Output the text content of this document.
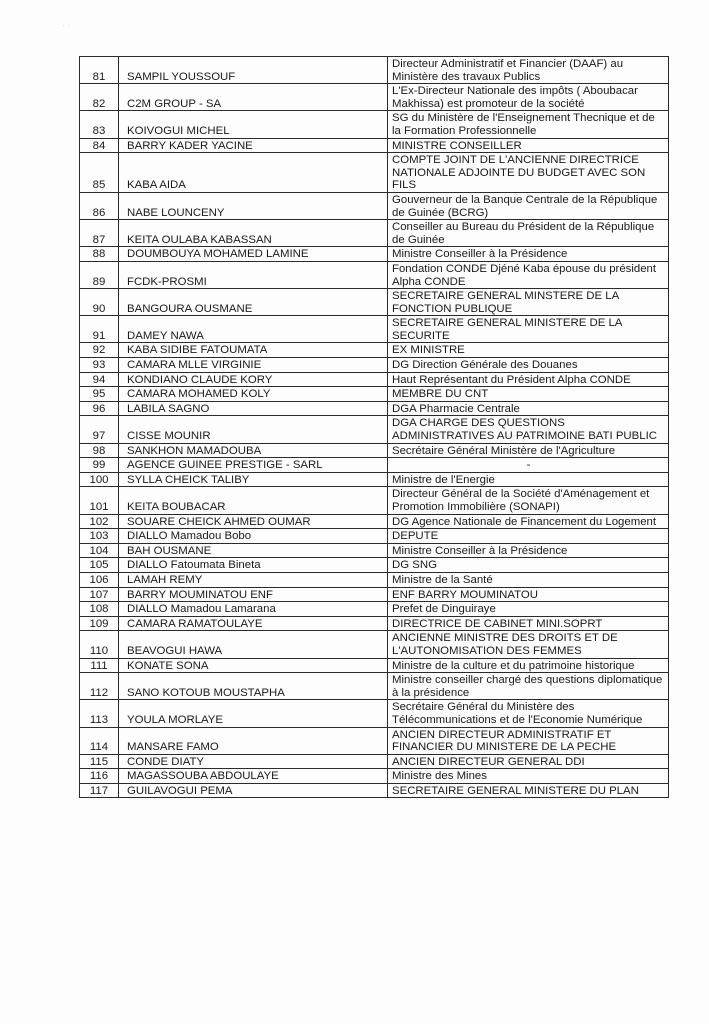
· ·
81	SAMPIL YOUSSOUF		Directeur Administratif et Financier (DAAF) au Ministère des travaux Publics
82	C2M GROUP - SA		L'Ex-Directeur Nationale des impôts ( Aboubacar Makhissa) est promoteur de la société
83	KOIVOGUI MICHEL		SG du Ministère de l'Enseignement Thecnique et de la Formation Professionnelle
84	BARRY KADER YACINE		MINISTRE CONSEILLER
85	KABA AIDA		COMPTE JOINT DE L'ANCIENNE DIRECTRICE NATIONALE ADJOINTE DU BUDGET AVEC SON FILS
86	NABE LOUNCENY		Gouverneur de la Banque Centrale de la République de Guinée (BCRG)
87	KEITA OULABA KABASSAN		Conseiller au Bureau du Président de la République de Guinée
88	DOUMBOUYA MOHAMED LAMINE		Ministre Conseiller à la Présidence
89	FCDK-PROSMI		Fondation CONDE Djéné Kaba épouse du président Alpha CONDE
90	BANGOURA OUSMANE		SECRETAIRE GENERAL MINSTERE DE LA FONCTION PUBLIQUE
91	DAMEY NAWA		SECRETAIRE GENERAL MINISTERE DE LA SECURITE
92	KABA SIDIBE FATOUMATA		EX MINISTRE
93	CAMARA MLLE VIRGINIE		DG Direction Générale des Douanes
94	KONDIANO CLAUDE KORY		Haut Représentant du Président Alpha CONDE
95	CAMARA MOHAMED KOLY		MEMBRE DU CNT
96	LABILA SAGNO		DGA Pharmacie Centrale
97	CISSE MOUNIR		DGA CHARGE DES QUESTIONS ADMINISTRATIVES AU PATRIMOINE BATI PUBLIC
98	SANKHON MAMADOUBA		Secrétaire Général Ministère de l'Agriculture
99	AGENCE GUINEE PRESTIGE - SARL		-
100	SYLLA CHEICK TALIBY		Ministre de l'Energie
101	KEITA BOUBACAR		Directeur Général de la Société d'Aménagement et Promotion Immobilière (SONAPI)
102	SOUARE CHEICK AHMED OUMAR		DG Agence Nationale de Financement du Logement
103	DIALLO Mamadou Bobo		DEPUTE
104	BAH OUSMANE		Ministre Conseiller à la Présidence
105	DIALLO Fatoumata Bineta		DG SNG
106	LAMAH REMY		Ministre de la Santé
107	BARRY MOUMINATOU ENF		ENF BARRY MOUMINATOU
108	DIALLO Mamadou Lamarana		Prefet de Dinguiraye
109	CAMARA RAMATOULAYE		DIRECTRICE DE CABINET MINI.SOPRT
110	BEAVOGUI HAWA		ANCIENNE MINISTRE DES DROITS ET DE L'AUTONOMISATION DES FEMMES
111	KONATE SONA		Ministre de la culture et du patrimoine historique
112	SANO KOTOUB MOUSTAPHA		Ministre conseiller chargé des questions diplomatique à la présidence
113	YOULA MORLAYE		Secrétaire Général du Ministère des Télécommunications et de l'Economie Numérique
114	MANSARE FAMO		ANCIEN DIRECTEUR ADMINISTRATIF ET FINANCIER DU MINISTERE DE LA PECHE
115	CONDE DIATY		ANCIEN DIRECTEUR GENERAL DDI
116	MAGASSOUBA ABDOULAYE		Ministre des Mines
117	GUILAVOGUI PEMA		SECRETAIRE GENERAL MINISTERE DU PLAN
